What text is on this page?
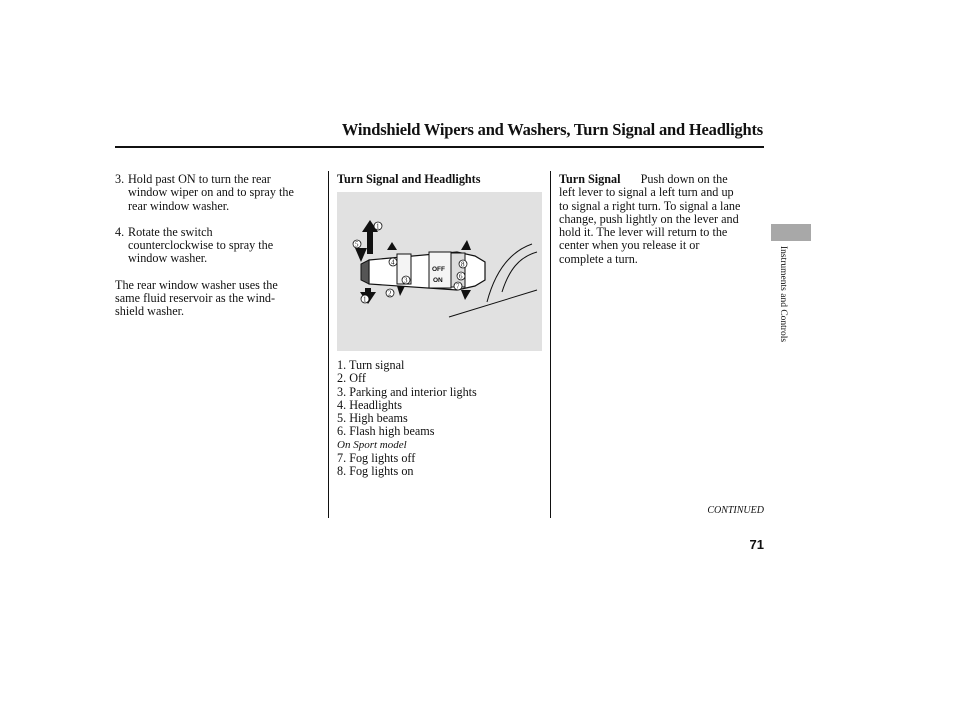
Windshield Wipers and Washers, Turn Signal and Headlights
3. Hold past ON to turn the rear
window wiper on and to spray the
rear window washer.
4. Rotate the switch
counterclockwise to spray the
window washer.
The rear window washer uses the
same fluid reservoir as the wind-
shield washer.
Turn Signal and Headlights
OFF
ON
1
5
4
3
2
1
8
7
6
1. Turn signal
2. Off
3. Parking and interior lights
4. Headlights
5. High beams
6. Flash high beams
On Sport model
7. Fog lights off
8. Fog lights on
Turn Signal Push down on the
left lever to signal a left turn and up
to signal a right turn. To signal a lane
change, push lightly on the lever and
hold it. The lever will return to the
center when you release it or
complete a turn.	Instruments and Controls
CONTINUED
71
